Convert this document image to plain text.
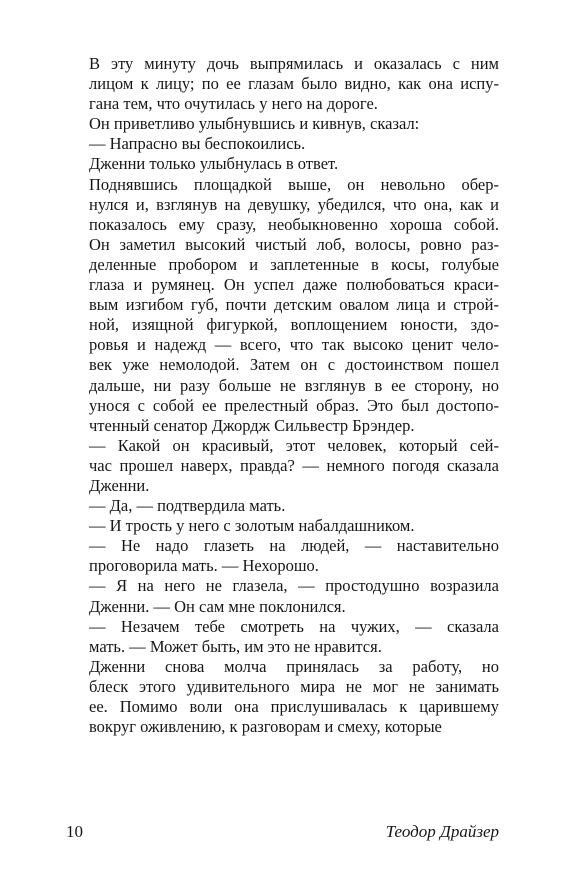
В эту минуту дочь выпрямилась и оказалась с ним
лицом к лицу; по ее глазам было видно, как она испу-
гана тем, что очутилась у него на дороге.

Он приветливо улыбнувшись и кивнув, сказал:

— Напрасно вы беспокоились.

Дженни только улыбнулась в ответ.

Поднявшись площадкой выше, он невольно обер-
нулся и, взглянув на девушку, убедился, что она, как и
показалось ему сразу, необыкновенно хороша собой.
Он заметил высокий чистый лоб, волосы, ровно раз-
деленные пробором и заплетенные в косы, голубые
глаза и румянец. Он успел даже полюбоваться краси-
вым изгибом губ, почти детским овалом лица и строй-
ной, изящной фигуркой, воплощением юности, здо-
ровья и надежд — всего, что так высоко ценит чело-
век уже немолодой. Затем он с достоинством пошел
дальше, ни разу больше не взглянув в ее сторону, но
унося с собой ее прелестный образ. Это был достопо-
чтенный сенатор Джордж Сильвестр Брэндер.

— Какой он красивый, этот человек, который сей-
час прошел наверх, правда? — немного погодя сказала
Дженни.

— Да, — подтвердила мать.

— И трость у него с золотым набалдашником.

— Не надо глазеть на людей, — наставительно
проговорила мать. — Нехорошо.

— Я на него не глазела, — простодушно возразила
Дженни. — Он сам мне поклонился.

— Незачем тебе смотреть на чужих, — сказала
мать. — Может быть, им это не нравится.

Дженни снова молча принялась за работу, но
блеск этого удивительного мира не мог не занимать
ее. Помимо воли она прислушивалась к царившему
вокруг оживлению, к разговорам и смеху, которые

10	Теодор Драйзер
